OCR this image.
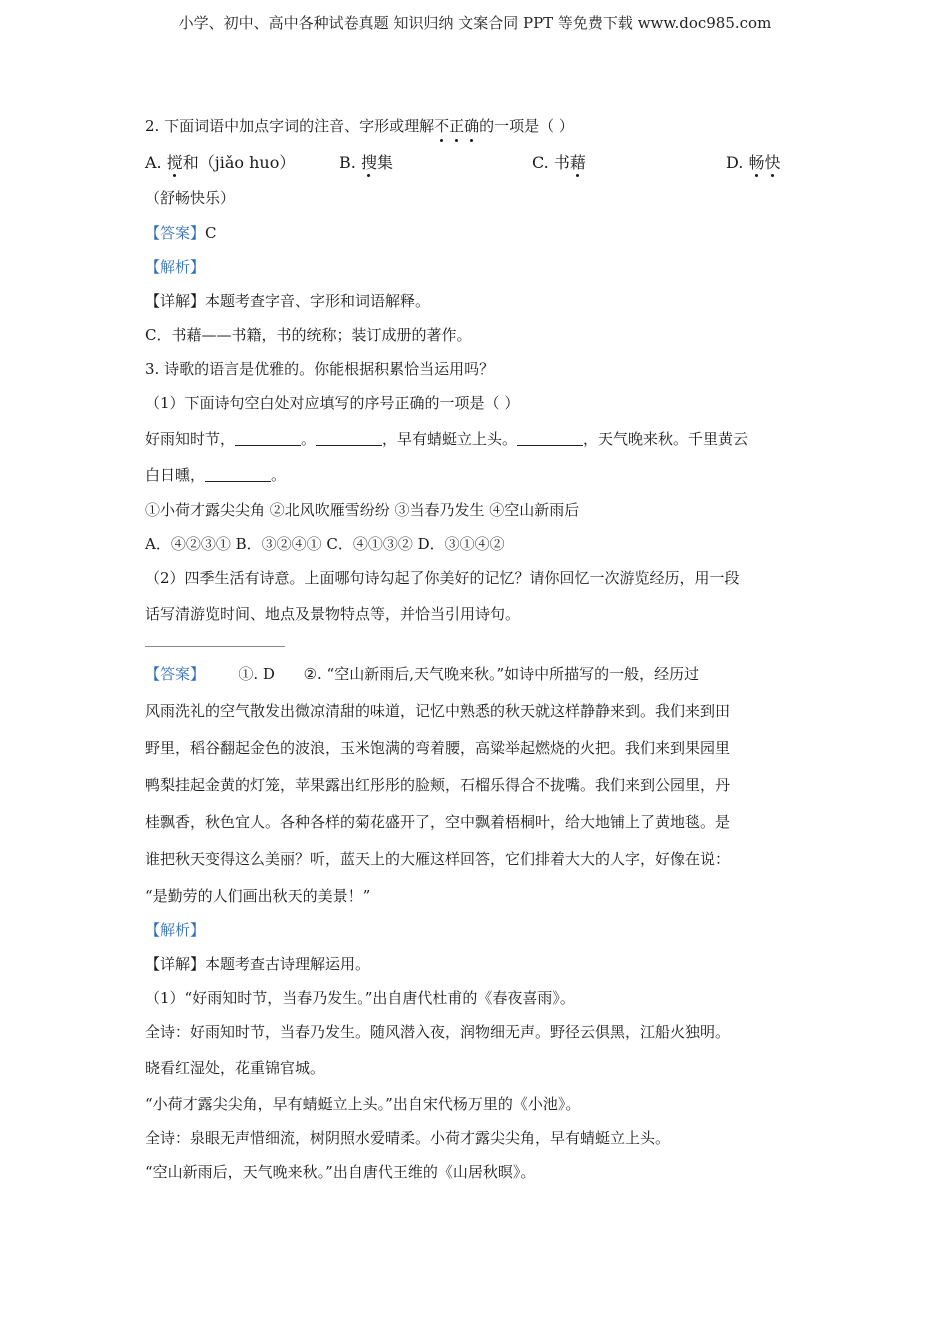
小学、初中、高中各种试卷真题 知识归纳 文案合同 PPT 等免费下载 www.doc985.com

2. 下面词语中加点字词的注音、字形或理解不正确的一项是（ ）

A. 搅和（jiǎo huo）	B. 搜集	C. 书藉	D. 畅快

（舒畅快乐）

【答案】C

【解析】

【详解】本题考查字音、字形和词语解释。

C．书藉——书籍，书的统称；装订成册的著作。

3. 诗歌的语言是优雅的。你能根据积累恰当运用吗？

（1）下面诗句空白处对应填写的序号正确的一项是（ ）

好雨知时节，	。	，早有蜻蜓立上头。	，天气晚来秋。千里黄云

白日曛，	。

①小荷才露尖尖角 ②北风吹雁雪纷纷 ③当春乃发生 ④空山新雨后

A．④②③① B．③②④① C．④①③② D．③①④②

（2）四季生活有诗意。上面哪句诗勾起了你美好的记忆？请你回忆一次游览经历，用一段

话写清游览时间、地点及景物特点等，并恰当引用诗句。

【答案】       ①. D      ②. “空山新雨后,天气晚来秋。”如诗中所描写的一般，经历过

风雨洗礼的空气散发出微凉清甜的味道，记忆中熟悉的秋天就这样静静来到。我们来到田

野里，稻谷翻起金色的波浪，玉米饱满的弯着腰，高粱举起燃烧的火把。我们来到果园里

鸭梨挂起金黄的灯笼，苹果露出红彤彤的脸颊，石榴乐得合不拢嘴。我们来到公园里，丹

桂飘香，秋色宜人。各种各样的菊花盛开了，空中飘着梧桐叶，给大地铺上了黄地毯。是

谁把秋天变得这么美丽？听，蓝天上的大雁这样回答，它们排着大大的人字，好像在说：

“是勤劳的人们画出秋天的美景！”

【解析】

【详解】本题考查古诗理解运用。

（1）“好雨知时节，当春乃发生。”出自唐代杜甫的《春夜喜雨》。

全诗：好雨知时节，当春乃发生。随风潜入夜，润物细无声。野径云俱黑，江船火独明。

晓看红湿处，花重锦官城。

“小荷才露尖尖角，早有蜻蜓立上头。”出自宋代杨万里的《小池》。

全诗：泉眼无声惜细流，树阴照水爱晴柔。小荷才露尖尖角，早有蜻蜓立上头。

“空山新雨后，天气晚来秋。”出自唐代王维的《山居秋暝》。
